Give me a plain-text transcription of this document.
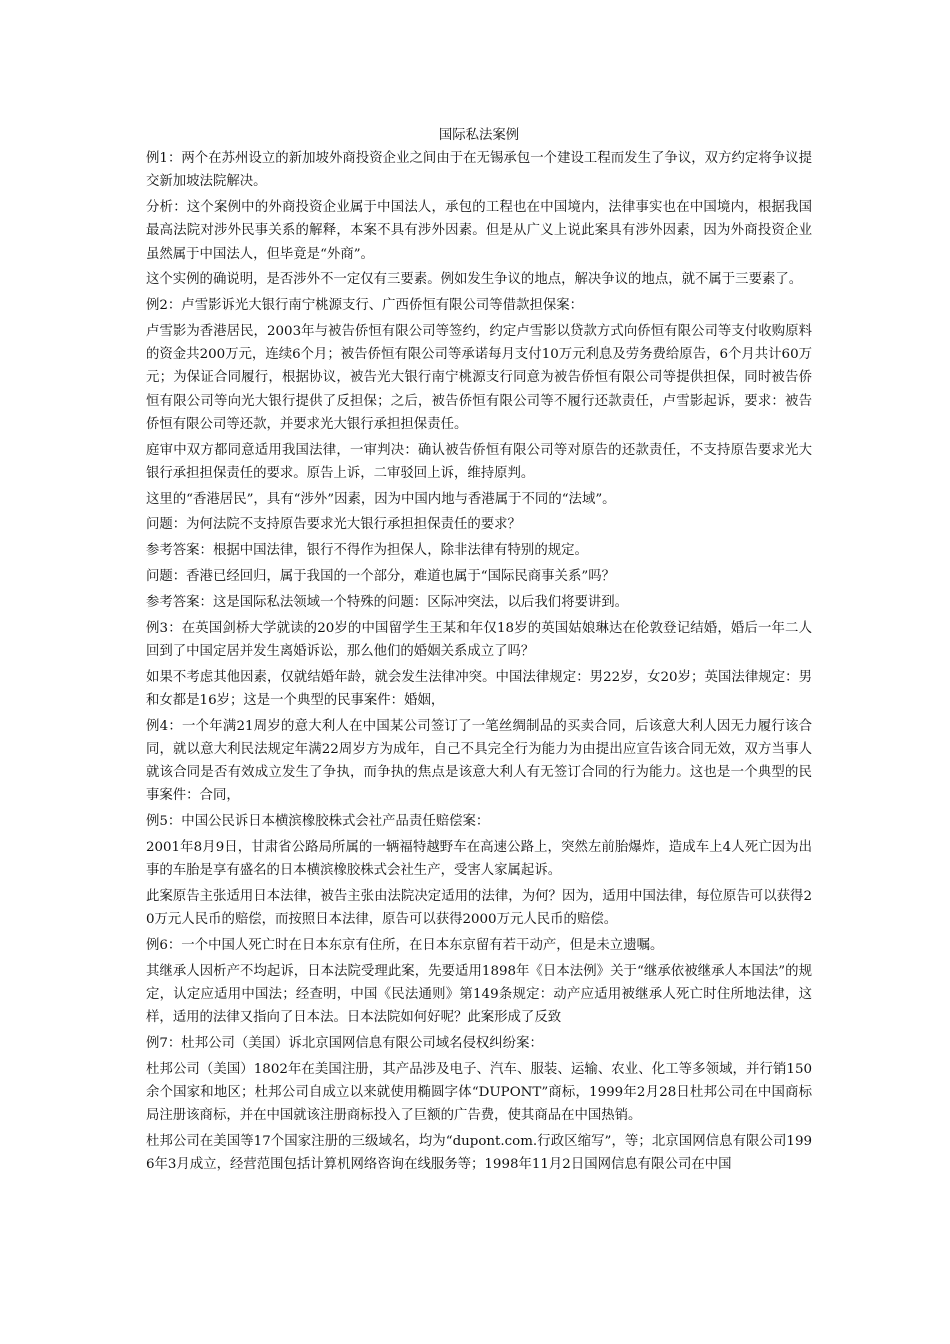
国际私法案例

例1：两个在苏州设立的新加坡外商投资企业之间由于在无锡承包一个建设工程而发生了争议，双方约定将争议提交新加坡法院解决。

分析：这个案例中的外商投资企业属于中国法人，承包的工程也在中国境内，法律事实也在中国境内，根据我国最高法院对涉外民事关系的解释，本案不具有涉外因素。但是从广义上说此案具有涉外因素，因为外商投资企业虽然属于中国法人，但毕竟是“外商”。

这个实例的确说明，是否涉外不一定仅有三要素。例如发生争议的地点，解决争议的地点，就不属于三要素了。

例2：卢雪影诉光大银行南宁桃源支行、广西侨恒有限公司等借款担保案：

卢雪影为香港居民，2003年与被告侨恒有限公司等签约，约定卢雪影以贷款方式向侨恒有限公司等支付收购原料的资金共200万元，连续6个月；被告侨恒有限公司等承诺每月支付10万元利息及劳务费给原告，6个月共计60万元；为保证合同履行，根据协议，被告光大银行南宁桃源支行同意为被告侨恒有限公司等提供担保，同时被告侨恒有限公司等向光大银行提供了反担保；之后，被告侨恒有限公司等不履行还款责任，卢雪影起诉，要求：被告侨恒有限公司等还款，并要求光大银行承担担保责任。

庭审中双方都同意适用我国法律，一审判决：确认被告侨恒有限公司等对原告的还款责任，不支持原告要求光大银行承担担保责任的要求。原告上诉，二审驳回上诉，维持原判。

这里的“香港居民”，具有“涉外”因素，因为中国内地与香港属于不同的“法域”。

问题：为何法院不支持原告要求光大银行承担担保责任的要求？

参考答案：根据中国法律，银行不得作为担保人，除非法律有特别的规定。

问题：香港已经回归，属于我国的一个部分，难道也属于“国际民商事关系”吗？

参考答案：这是国际私法领域一个特殊的问题：区际冲突法，以后我们将要讲到。

例3：在英国剑桥大学就读的20岁的中国留学生王某和年仅18岁的英国姑娘琳达在伦敦登记结婚，婚后一年二人回到了中国定居并发生离婚诉讼，那么他们的婚姻关系成立了吗？

如果不考虑其他因素，仅就结婚年龄，就会发生法律冲突。中国法律规定：男22岁，女20岁；英国法律规定：男和女都是16岁；这是一个典型的民事案件：婚姻，

例4：一个年满21周岁的意大利人在中国某公司签订了一笔丝绸制品的买卖合同，后该意大利人因无力履行该合同，就以意大利民法规定年满22周岁方为成年，自己不具完全行为能力为由提出应宣告该合同无效，双方当事人就该合同是否有效成立发生了争执，而争执的焦点是该意大利人有无签订合同的行为能力。这也是一个典型的民事案件：合同，

例5：中国公民诉日本横滨橡胶株式会社产品责任赔偿案：

2001年8月9日，甘肃省公路局所属的一辆福特越野车在高速公路上，突然左前胎爆炸，造成车上4人死亡因为出事的车胎是享有盛名的日本横滨橡胶株式会社生产，受害人家属起诉。

此案原告主张适用日本法律，被告主张由法院决定适用的法律，为何？因为，适用中国法律，每位原告可以获得20万元人民币的赔偿，而按照日本法律，原告可以获得2000万元人民币的赔偿。

例6：一个中国人死亡时在日本东京有住所，在日本东京留有若干动产，但是未立遗嘱。

其继承人因析产不均起诉，日本法院受理此案，先要适用1898年《日本法例》关于“继承依被继承人本国法”的规定，认定应适用中国法；经查明，中国《民法通则》第149条规定：动产应适用被继承人死亡时住所地法律，这样，适用的法律又指向了日本法。日本法院如何好呢？此案形成了反致

例7：杜邦公司（美国）诉北京国网信息有限公司域名侵权纠纷案：

杜邦公司（美国）1802年在美国注册，其产品涉及电子、汽车、服装、运输、农业、化工等多领域，并行销150余个国家和地区；杜邦公司自成立以来就使用椭圆字体“DUPONT”商标，1999年2月28日杜邦公司在中国商标局注册该商标，并在中国就该注册商标投入了巨额的广告费，使其商品在中国热销。

杜邦公司在美国等17个国家注册的三级域名，均为“dupont.com.行政区缩写”，等；北京国网信息有限公司1996年3月成立，经营范围包括计算机网络咨询在线服务等；1998年11月2日国网信息有限公司在中国
